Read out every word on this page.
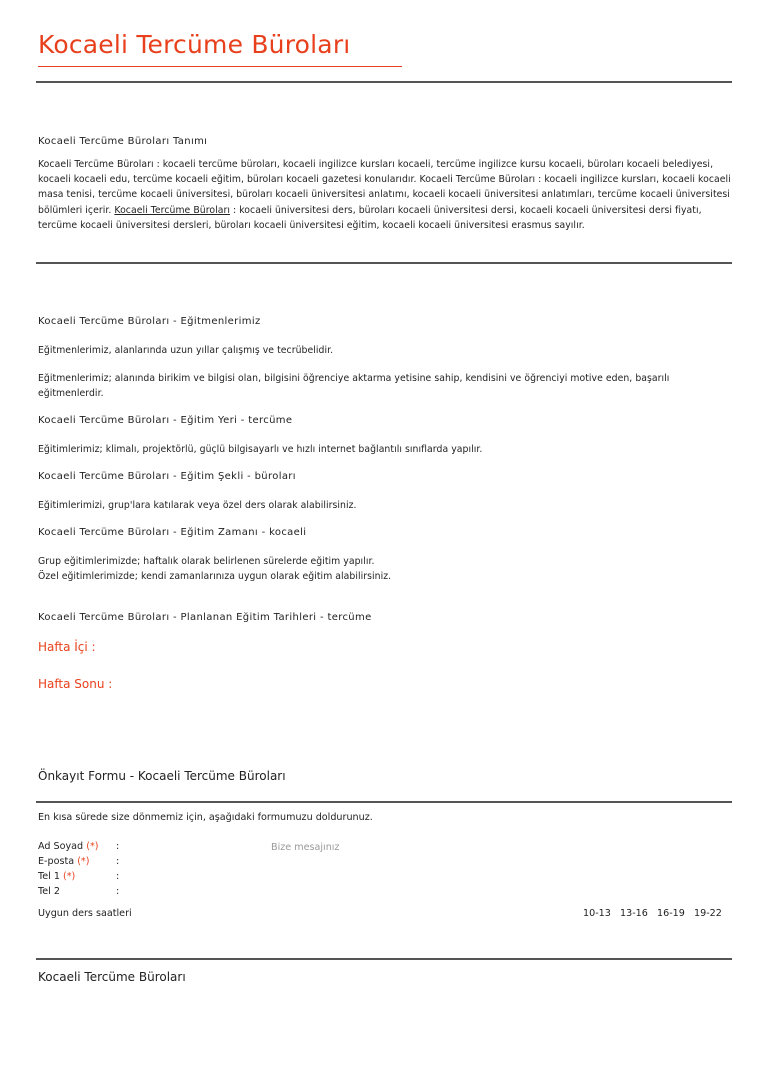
Kocaeli Tercüme Büroları
Kocaeli Tercüme Büroları Tanımı
Kocaeli Tercüme Büroları : kocaeli tercüme büroları, kocaeli ingilizce kursları kocaeli, tercüme ingilizce kursu kocaeli, büroları kocaeli belediyesi, kocaeli kocaeli edu, tercüme kocaeli eğitim, büroları kocaeli gazetesi konularıdır. Kocaeli Tercüme Büroları : kocaeli ingilizce kursları, kocaeli kocaeli masa tenisi, tercüme kocaeli üniversitesi, büroları kocaeli üniversitesi anlatımı, kocaeli kocaeli üniversitesi anlatımları, tercüme kocaeli üniversitesi bölümleri içerir. Kocaeli Tercüme Büroları : kocaeli üniversitesi ders, büroları kocaeli üniversitesi dersi, kocaeli kocaeli üniversitesi dersi fiyatı, tercüme kocaeli üniversitesi dersleri, büroları kocaeli üniversitesi eğitim, kocaeli kocaeli üniversitesi erasmus sayılır.
Kocaeli Tercüme Büroları - Eğitmenlerimiz
Eğitmenlerimiz, alanlarında uzun yıllar çalışmış ve tecrübelidir.
Eğitmenlerimiz; alanında birikim ve bilgisi olan, bilgisini öğrenciye aktarma yetisine sahip, kendisini ve öğrenciyi motive eden, başarılı eğitmenlerdir.
Kocaeli Tercüme Büroları - Eğitim Yeri - tercüme
Eğitimlerimiz; klimalı, projektörlü, güçlü bilgisayarlı ve hızlı internet bağlantılı sınıflarda yapılır.
Kocaeli Tercüme Büroları - Eğitim Şekli - büroları
Eğitimlerimizi, grup'lara katılarak veya özel ders olarak alabilirsiniz.
Kocaeli Tercüme Büroları - Eğitim Zamanı - kocaeli
Grup eğitimlerimizde; haftalık olarak belirlenen sürelerde eğitim yapılır.
Özel eğitimlerimizde; kendi zamanlarınıza uygun olarak eğitim alabilirsiniz.
Kocaeli Tercüme Büroları - Planlanan Eğitim Tarihleri - tercüme
Hafta İçi :
Hafta Sonu :
Önkayıt Formu - Kocaeli Tercüme Büroları
En kısa sürede size dönmemiz için, aşağıdaki formumuzu doldurunuz.
Ad Soyad (*) :
E-posta (*)	:
Tel 1 (*)	:
Tel 2	:
Bize mesajınız
Uygun ders saatleri	10-13 13-16 16-19 19-22
Kocaeli Tercüme Büroları
